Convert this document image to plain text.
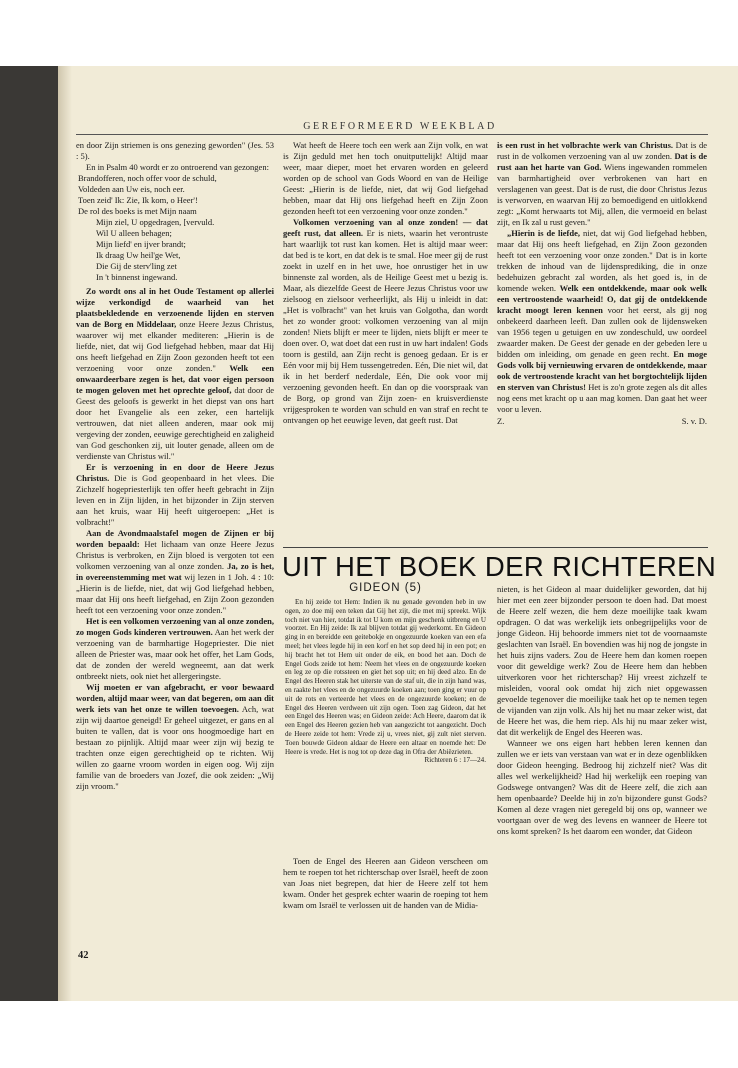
GEREFORMEERD WEEKBLAD

en door Zijn striemen is ons genezing geworden" (Jes. 53 : 5).

En in Psalm 40 wordt er zo ontroerend van gezongen:

Brandofferen, noch offer voor de schuld,
Voldeden aan Uw eis, noch eer.
Toen zeid' Ik: Zie, Ik kom, o Heer'!
De rol des boeks is met Mijn naam
Mijn ziel, U opgedragen, [vervuld.
Wil U alleen behagen;
Mijn liefd' en ijver brandt;
Ik draag Uw heil'ge Wet,
Die Gij de sterv'ling zet
In 't binnenst ingewand.

Zo wordt ons al in het Oude Testament op allerlei wijze verkondigd de waarheid van het plaatsbekledende en verzoenende lijden en sterven van de Borg en Middelaar, onze Heere Jezus Christus, waarover wij met elkander mediteren: „Hierin is de liefde, niet, dat wij God liefgehad hebben, maar dat Hij ons heeft liefgehad en Zijn Zoon gezonden heeft tot een verzoening voor onze zonden." Welk een onwaardeerbare zegen is het, dat voor eigen persoon te mogen geloven met het oprechte geloof, dat door de Geest des geloofs is gewerkt in het diepst van ons hart door het Evangelie als een zeker, een hartelijk vertrouwen, dat niet alleen anderen, maar ook mij vergeving der zonden, eeuwige gerechtigheid en zaligheid van God geschonken zij, uit louter genade, alleen om de verdienste van Christus wil."

Er is verzoening in en door de Heere Jezus Christus. Die is God geopenbaard in het vlees. Die Zichzelf hogepriesterlijk ten offer heeft gebracht in Zijn leven en in Zijn lijden, in het bijzonder in Zijn sterven aan het kruis, waar Hij heeft uitgeroepen: „Het is volbracht!"

Aan de Avondmaalstafel mogen de Zijnen er bij worden bepaald: Het lichaam van onze Heere Jezus Christus is verbroken, en Zijn bloed is vergoten tot een volkomen verzoening van al onze zonden. Ja, zo is het, in overeenstemming met wat wij lezen in 1 Joh. 4 : 10: „Hierin is de liefde, niet, dat wij God liefgehad hebben, maar dat Hij ons heeft liefgehad, en Zijn Zoon gezonden heeft tot een verzoening voor onze zonden."

Het is een volkomen verzoening van al onze zonden, zo mogen Gods kinderen vertrouwen. Aan het werk der verzoening van de barmhartige Hogepriester. Die niet alleen de Priester was, maar ook het offer, het Lam Gods, dat de zonden der wereld wegneemt, aan dat werk ontbreekt niets, ook niet het allergeringste.

Wij moeten er van afgebracht, er voor bewaard worden, altijd maar weer, van dat begeren, om aan dit werk iets van het onze te willen toevoegen. Ach, wat zijn wij daartoe geneigd! Er geheel uitgezet, er gans en al buiten te vallen, dat is voor ons hoogmoedige hart en bestaan zo pijnlijk. Altijd maar weer zijn wij bezig te trachten onze eigen gerechtigheid op te richten. Wij willen zo gaarne vroom worden in eigen oog. Wij zijn familie van de broeders van Jozef, die ook zeiden: „Wij zijn vroom."

Wat heeft de Heere toch een werk aan Zijn volk, en wat is Zijn geduld met hen toch onuitputtelijk! Altijd maar weer, maar dieper, moet het ervaren worden en geleerd worden op de school van Gods Woord en van de Heilige Geest: „Hierin is de liefde, niet, dat wij God liefgehad hebben, maar dat Hij ons liefgehad heeft en Zijn Zoon gezonden heeft tot een verzoening voor onze zonden."

Volkomen verzoening van al onze zonden! — dat geeft rust, dat alleen. Er is niets, waarin het verontruste hart waarlijk tot rust kan komen. Het is altijd maar weer: dat bed is te kort, en dat dek is te smal. Hoe meer gij de rust zoekt in uzelf en in het uwe, hoe onrustiger het in uw binnenste zal worden, als de Heilige Geest met u bezig is. Maar, als diezelfde Geest de Heere Jezus Christus voor uw zielsoog en zielsoor verheerlijkt, als Hij u inleidt in dat: „Het is volbracht" van het kruis van Golgotha, dan wordt het zo wonder groot: volkomen verzoening van al mijn zonden! Niets blijft er meer te lijden, niets blijft er meer te doen over. O, wat doet dat een rust in uw hart indalen! Gods toorn is gestild, aan Zijn recht is genoeg gedaan. Er is er Eén voor mij bij Hem tussengetreden. Eén, Die niet wil, dat ik in het berderf nederdale, Eén, Die ook voor mij verzoening gevonden heeft. En dan op die voorspraak van de Borg, op grond van Zijn zoen- en kruisverdienste vrijgesproken te worden van schuld en van straf en recht te ontvangen op het eeuwige leven, dat geeft rust. Dat

is een rust in het volbrachte werk van Christus. Dat is de rust in de volkomen verzoening van al uw zonden. Dat is de rust aan het harte van God. Wiens ingewanden rommelen van barmhartigheid over verbrokenen van hart en verslagenen van geest. Dat is de rust, die door Christus Jezus is verworven, en waarvan Hij zo bemoedigend en uitlokkend zegt: „Komt herwaarts tot Mij, allen, die vermoeid en belast zijt, en Ik zal u rust geven."

„Hierin is de liefde, niet, dat wij God liefgehad hebben, maar dat Hij ons heeft liefgehad, en Zijn Zoon gezonden heeft tot een verzoening voor onze zonden." Dat is in korte trekken de inhoud van de lijdensprediking, die in onze bedehuizen gebracht zal worden, als het goed is, in de komende weken. Welk een ontdekkende, maar ook welk een vertroostende waarheid! O, dat gij de ontdekkende kracht moogt leren kennen voor het eerst, als gij nog onbekeerd daarheen leeft. Dan zullen ook de lijdensweken van 1956 tegen u getuigen en uw zondeschuld, uw oordeel zwaarder maken. De Geest der genade en der gebeden lere u bidden om inleiding, om genade en geen recht. En moge Gods volk bij vernieuwing ervaren de ontdekkende, maar ook de vertroostende kracht van het borgtochtelijk lijden en sterven van Christus! Het is zo'n grote zegen als dit alles nog eens met kracht op u aan mag komen. Dan gaat het weer voor u leven.

Z.	S. v. D.
UIT HET BOEK DER RICHTEREN
GIDEON (5)

En hij zeide tot Hem: Indien ik nu genade gevonden heb in uw ogen, zo doe mij een teken dat Gij het zijt, die met mij spreekt. Wijk toch niet van hier, totdat ik tot U kom en mijn geschenk uitbreng en U voorzet. En Hij zeide: Ik zal blijven totdat gij wederkomt. En Gideon ging in en bereidde een geitebokje en ongezuurde koeken van een efa meel; het vlees legde hij in een korf en het sop deed hij in een pot; en hij bracht het tot Hem uit onder de eik, en bood het aan. Doch de Engel Gods zeide tot hem: Neem het vlees en de ongezuurde koeken en leg ze op die rotssteen en giet het sop uit; en hij deed alzo. En de Engel des Heeren stak het uiterste van de staf uit, die in zijn hand was, en raakte het vlees en de ongezuurde koeken aan; toen ging er vuur op uit de rots en verteerde het vlees en de ongezuurde koeken; en de Engel des Heeren verdween uit zijn ogen. Toen zag Gideon, dat het een Engel des Heeren was; en Gideon zeide: Ach Heere, daarom dat ik een Engel des Heeren gezien heb van aangezicht tot aangezicht. Doch de Heere zeide tot hem: Vrede zij u, vrees niet, gij zult niet sterven. Toen bouwde Gideon aldaar de Heere een altaar en noemde het: De Heere is vrede. Het is nog tot op deze dag in Ofra der Abiëzrieten.

Richteren 6 : 17—24.

Toen de Engel des Heeren aan Gideon verscheen om hem te roepen tot het richterschap over Israël, heeft de zoon van Joas niet begrepen, dat hier de Heere zelf tot hem kwam. Onder het gesprek echter waarin de roeping tot hem kwam om Israël te verlossen uit de handen van de Midia-

nieten, is het Gideon al maar duidelijker geworden, dat hij hier met een zeer bijzonder persoon te doen had. Dat moest de Heere zelf wezen, die hem deze moeilijke taak kwam opdragen. O dat was werkelijk iets onbegrijpelijks voor de jonge Gideon. Hij behoorde immers niet tot de voornaamste geslachten van Israël. En bovendien was hij nog de jongste in het huis zijns vaders. Zou de Heere hem dan komen roepen voor dit geweldige werk? Zou de Heere hem dan hebben uitverkoren voor het richterschap? Hij vreest zichzelf te misleiden, vooral ook omdat hij zich niet opgewassen gevoelde tegenover die moeilijke taak het op te nemen tegen de vijanden van zijn volk. Als hij het nu maar zeker wist, dat de Heere het was, die hem riep. Als hij nu maar zeker wist, dat dit werkelijk de Engel des Heeren was.

Wanneer we ons eigen hart hebben leren kennen dan zullen we er iets van verstaan van wat er in deze ogenblikken door Gideon heenging. Bedroog hij zichzelf niet? Was dit alles wel werkelijkheid? Had hij werkelijk een roeping van Godswege ontvangen? Was dit de Heere zelf, die zich aan hem openbaarde? Deelde hij in zo'n bijzondere gunst Gods? Komen al deze vragen niet geregeld bij ons op, wanneer we voortgaan over de weg des levens en wanneer de Heere tot ons komt spreken? Is het daarom een wonder, dat Gideon

42
